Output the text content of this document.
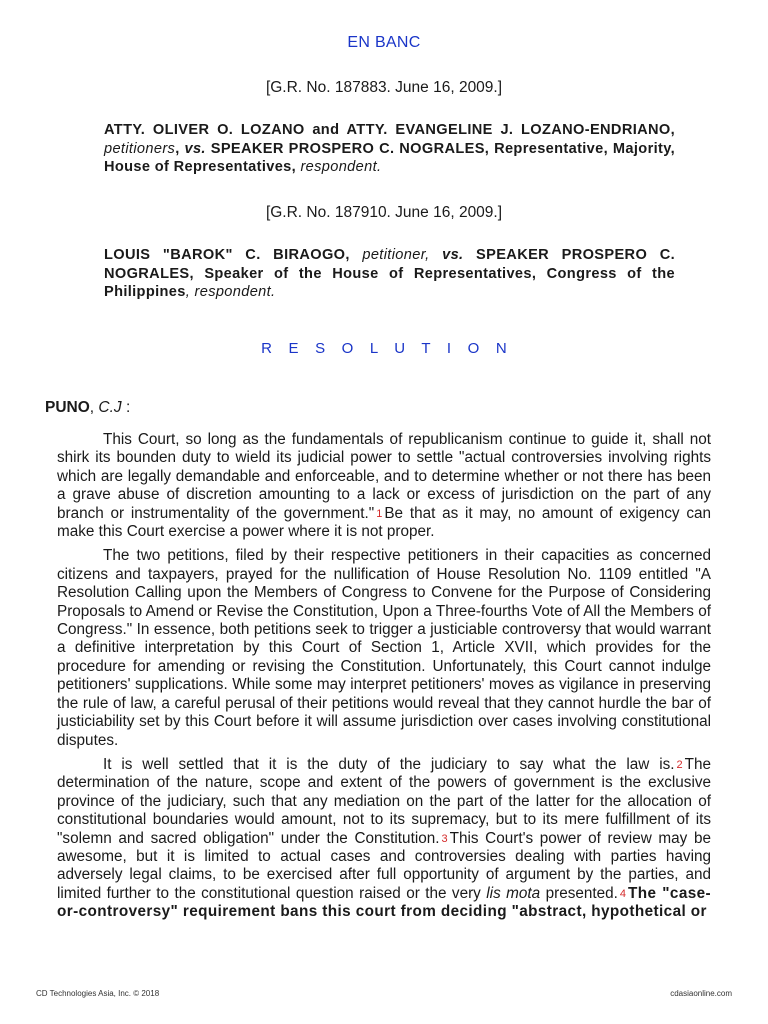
EN BANC
[G.R. No. 187883. June 16, 2009.]
ATTY. OLIVER O. LOZANO and ATTY. EVANGELINE J. LOZANO-ENDRIANO, petitioners, vs. SPEAKER PROSPERO C. NOGRALES, Representative, Majority, House of Representatives, respondent.
[G.R. No. 187910. June 16, 2009.]
LOUIS "BAROK" C. BIRAOGO, petitioner, vs. SPEAKER PROSPERO C. NOGRALES, Speaker of the House of Representatives, Congress of the Philippines, respondent.
R E S O L U T I O N
PUNO, C.J :

This Court, so long as the fundamentals of republicanism continue to guide it, shall not shirk its bounden duty to wield its judicial power to settle "actual controversies involving rights which are legally demandable and enforceable, and to determine whether or not there has been a grave abuse of discretion amounting to a lack or excess of jurisdiction on the part of any branch or instrumentality of the government." 1 Be that as it may, no amount of exigency can make this Court exercise a power where it is not proper.

The two petitions, filed by their respective petitioners in their capacities as concerned citizens and taxpayers, prayed for the nullification of House Resolution No. 1109 entitled "A Resolution Calling upon the Members of Congress to Convene for the Purpose of Considering Proposals to Amend or Revise the Constitution, Upon a Three-fourths Vote of All the Members of Congress." In essence, both petitions seek to trigger a justiciable controversy that would warrant a definitive interpretation by this Court of Section 1, Article XVII, which provides for the procedure for amending or revising the Constitution. Unfortunately, this Court cannot indulge petitioners' supplications. While some may interpret petitioners' moves as vigilance in preserving the rule of law, a careful perusal of their petitions would reveal that they cannot hurdle the bar of justiciability set by this Court before it will assume jurisdiction over cases involving constitutional disputes.

It is well settled that it is the duty of the judiciary to say what the law is. 2 The determination of the nature, scope and extent of the powers of government is the exclusive province of the judiciary, such that any mediation on the part of the latter for the allocation of constitutional boundaries would amount, not to its supremacy, but to its mere fulfillment of its "solemn and sacred obligation" under the Constitution. 3 This Court's power of review may be awesome, but it is limited to actual cases and controversies dealing with parties having adversely legal claims, to be exercised after full opportunity of argument by the parties, and limited further to the constitutional question raised or the very lis mota presented. 4 The "case-or-controversy" requirement bans this court from deciding "abstract, hypothetical or

CD Technologies Asia, Inc. © 2018	cdasiaonline.com
